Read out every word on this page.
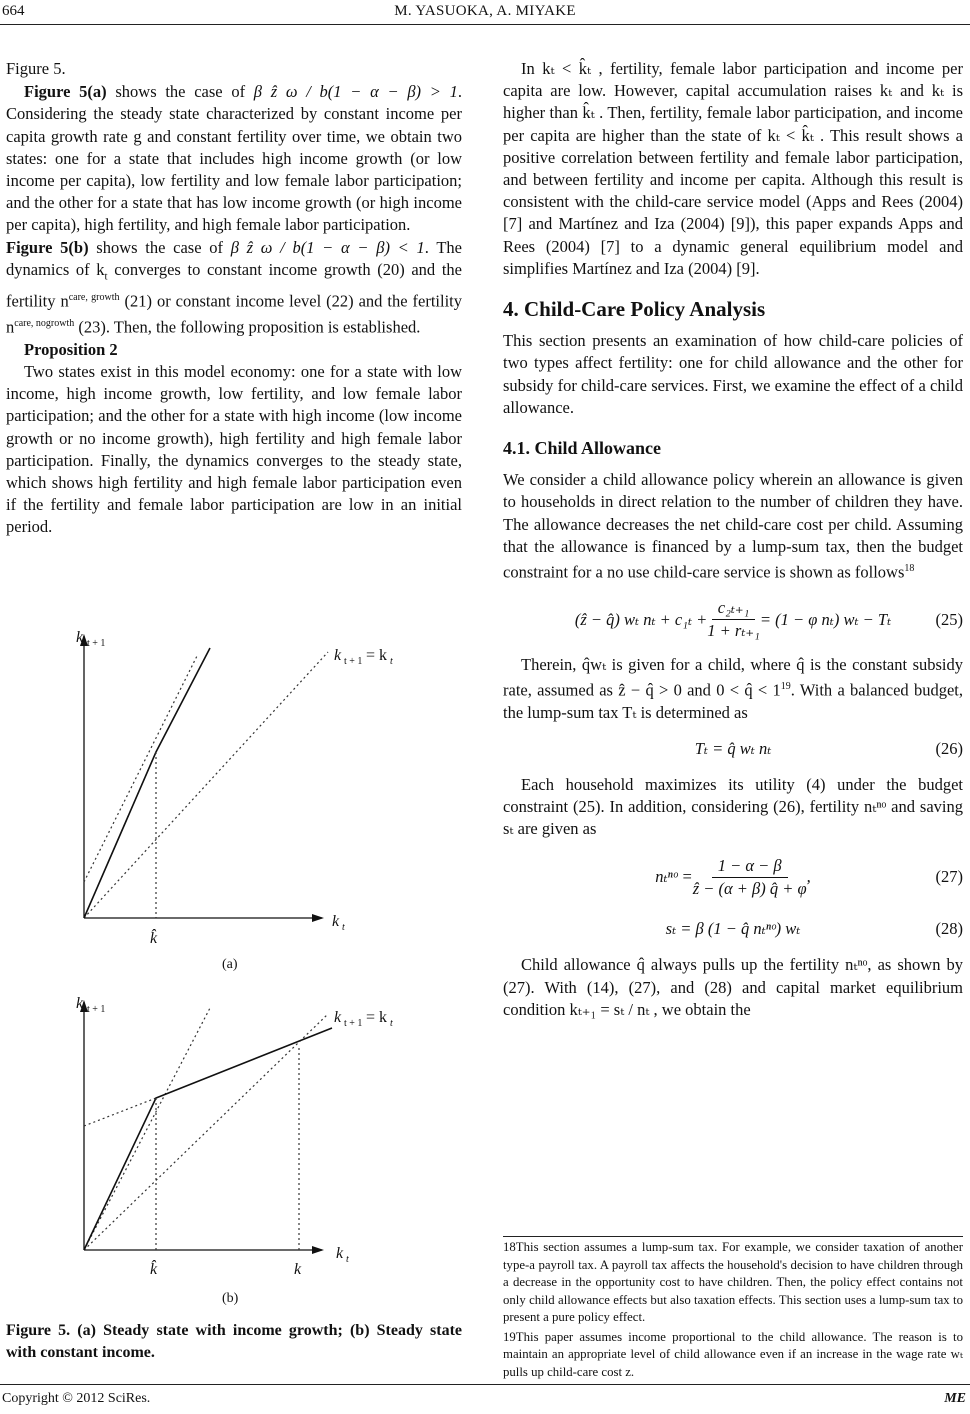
664	M. YASUOKA, A. MIYAKE

Figure 5.

Figure 5(a) shows the case of β ẑ ω / b(1 − α − β) > 1. Considering the steady state characterized by constant income per capita growth rate g and constant fertility over time, we obtain two states: one for a state that includes high income growth (or low income per capita), low fertility and low female labor participation; and the other for a state that has low income growth (or high income per capita), high fertility, and high female labor participation.

Figure 5(b) shows the case of β ẑ ω / b(1 − α − β) < 1. The dynamics of $k_t$ converges to constant income growth (20) and the fertility $n^{care, growth}$ (21) or constant income level (22) and the fertility $n^{care, nogrowth}$ (23). Then, the following proposition is established.

Proposition 2

Two states exist in this model economy: one for a state with low income, high income growth, low fertility, and low female labor participation; and the other for a state with high income (low income growth or no income growth), high fertility and high female labor participation. Finally, the dynamics converges to the steady state, which shows high fertility and high female labor participation even if the fertility and female labor participation are low in an initial period.

k t + 1
k t + 1 = k t
k t
k̂
(a)
k t + 1	k t + 1 = k t
k t
k̂	k
(b)
Figure 5. (a) Steady state with income growth; (b) Steady state with constant income.

In kₜ < k̂ₜ , fertility, female labor participation and income per capita are low. However, capital accumulation raises kₜ and kₜ is higher than k̂ₜ . Then, fertility, female labor participation, and income per capita are higher than the state of kₜ < k̂ₜ . This result shows a positive correlation between fertility and female labor participation, and between fertility and income per capita. Although this result is consistent with the child-care service model (Apps and Rees (2004) [7] and Martínez and Iza (2004) [9]), this paper expands Apps and Rees (2004) [7] to a dynamic general equilibrium model and simplifies Martínez and Iza (2004) [9].

4. Child-Care Policy Analysis

This section presents an examination of how child-care policies of two types affect fertility: one for child allowance and the other for subsidy for child-care services. First, we examine the effect of a child allowance.

4.1. Child Allowance

We consider a child allowance policy wherein an allowance is given to households in direct relation to the number of children they have. The allowance decreases the net child-care cost per child. Assuming that the allowance is financed by a lump-sum tax, then the budget constraint for a no use child-care service is shown as follows$^{18}$

(ẑ − q̂) wₜ $n_t + c_{1t} + \frac{\text{c₂ₜ₊₁}}{\text{1 + rₜ₊₁}} = (1 - \varphi$ nₜ) wₜ − Tₜ	(25)

Therein, q̂wₜ is given for a child, where q̂ is the constant subsidy rate, assumed as ẑ − q̂ > 0 and 0 < q̂ < $1^{19}$. With a balanced budget, the lump-sum tax Tₜ is determined as

Tₜ = q̂ wₜ nₜ	(26)

Each household maximizes its utility (4) under the budget constraint (25). In addition, considering (26), fertility nₜⁿᵒ and saving sₜ are given as

nₜⁿᵒ = $\frac{1 - \alpha - \beta}{\text{ẑ − (α + β) q̂ + φ}}$ ,	(27)
sₜ = β (1 − q̂ nₜⁿᵒ) wₜ	(28)

Child allowance q̂ always pulls up the fertility nₜⁿᵒ, as shown by (27). With (14), (27), and (28) and capital market equilibrium condition kₜ₊₁ = sₜ / nₜ , we obtain the

18This section assumes a lump-sum tax. For example, we consider taxation of another type-a payroll tax. A payroll tax affects the household's decision to have children through a decrease in the opportunity cost to have children. Then, the policy effect contains not only child allowance effects but also taxation effects. This section uses a lump-sum tax to present a pure policy effect.

19This paper assumes income proportional to the child allowance. The reason is to maintain an appropriate level of child allowance even if an increase in the wage rate wₜ pulls up child-care cost z.

Copyright © 2012 SciRes.	ME
